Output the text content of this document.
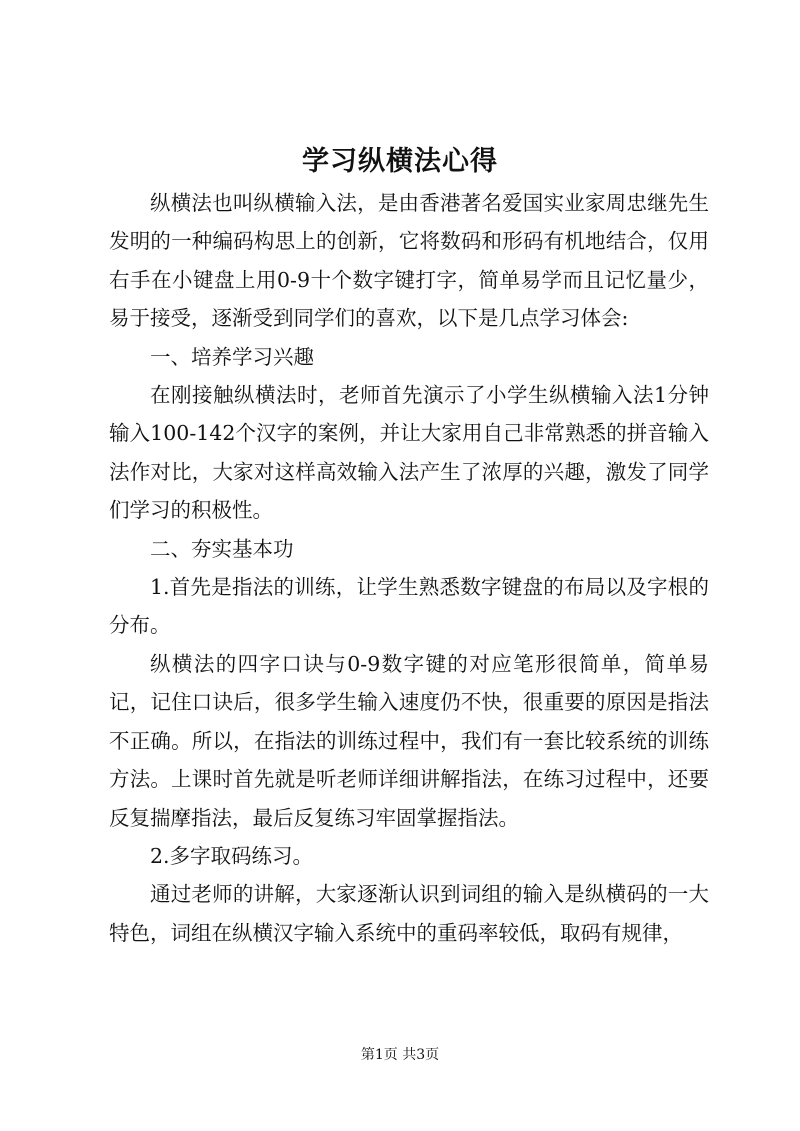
学习纵横法心得

纵横法也叫纵横输入法，是由香港著名爱国实业家周忠继先生发明的一种编码构思上的创新，它将数码和形码有机地结合，仅用右手在小键盘上用0-9十个数字键打字，简单易学而且记忆量少，易于接受，逐渐受到同学们的喜欢，以下是几点学习体会:

一、培养学习兴趣

在刚接触纵横法时，老师首先演示了小学生纵横输入法1分钟输入100-142个汉字的案例，并让大家用自己非常熟悉的拼音输入法作对比，大家对这样高效输入法产生了浓厚的兴趣，激发了同学们学习的积极性。

二、夯实基本功

1.首先是指法的训练，让学生熟悉数字键盘的布局以及字根的分布。

纵横法的四字口诀与0-9数字键的对应笔形很简单，简单易记，记住口诀后，很多学生输入速度仍不快，很重要的原因是指法不正确。所以，在指法的训练过程中，我们有一套比较系统的训练方法。上课时首先就是听老师详细讲解指法，在练习过程中，还要反复揣摩指法，最后反复练习牢固掌握指法。

2.多字取码练习。

通过老师的讲解，大家逐渐认识到词组的输入是纵横码的一大特色，词组在纵横汉字输入系统中的重码率较低，取码有规律，

第1页 共3页
